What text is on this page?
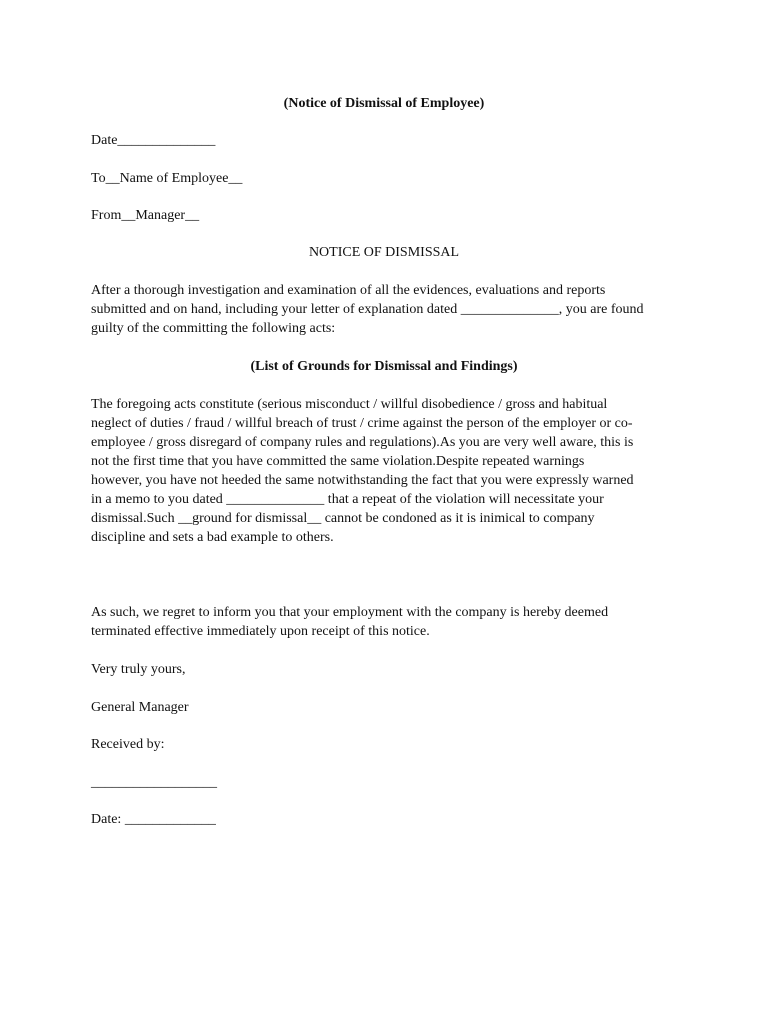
(Notice of Dismissal of Employee)
Date______________
To__Name of Employee__
From__Manager__
NOTICE OF DISMISSAL
After a thorough investigation and examination of all the evidences, evaluations and reports
submitted and on hand, including your letter of explanation dated ______________, you are found
guilty of the committing the following acts:
(List of Grounds for Dismissal and Findings)
The foregoing acts constitute (serious misconduct / willful disobedience / gross and habitual
neglect of duties / fraud / willful breach of trust / crime against the person of the employer or co-
employee / gross disregard of company rules and regulations).As you are very well aware, this is
not the first time that you have committed the same violation.Despite repeated warnings
however, you have not heeded the same notwithstanding the fact that you were expressly warned
in a memo to you dated ______________ that a repeat of the violation will necessitate your
dismissal.Such __ground for dismissal__ cannot be condoned as it is inimical to company
discipline and sets a bad example to others.
As such, we regret to inform you that your employment with the company is hereby deemed
terminated effective immediately upon receipt of this notice.
Very truly yours,
General Manager
Received by:
__________________
Date: _____________
